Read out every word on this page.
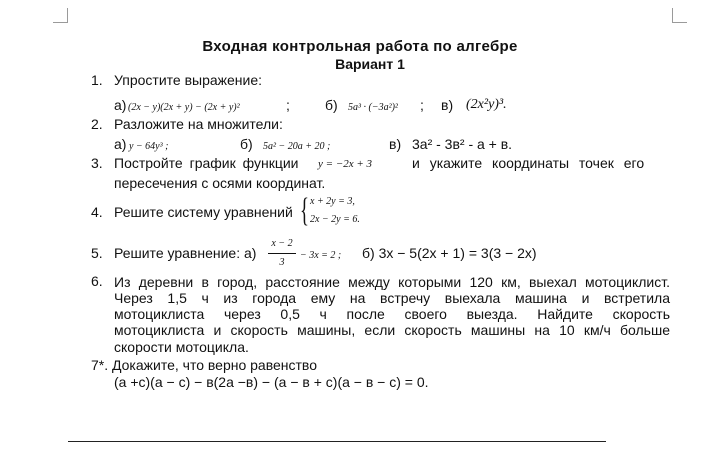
Входная контрольная работа по алгебре
Вариант 1
1. Упростите выражение:
а) (2x − y)(2x + y) − (2x + y)²	;	б) 5a³ · (−3a²)² ; в) (2x²y)³.
2. Разложите на множители:
а) y − 64y³ ;	б) 5a² − 20a + 20 ;	в) 3а² - 3в² - а + в.
3. Постройте график функции y = −2x + 3	и укажите координаты точек его
пересечения с осями координат.
4. Решите систему уравнений { x + 2y = 3,
2x − 2y = 6.
5. Решите уравнение: а)	− 3x = 2 ; б) 3х − 5(2х + 1) = 3(3 − 2х)
x − 2
3
6. Из деревни в город, расстояние между которыми 120 км, выехал мотоциклист.
Через 1,5 ч из города ему на встречу выехала машина и встретила
мотоциклиста через 0,5 ч после своего выезда. Найдите скорость
мотоциклиста и скорость машины, если скорость машины на 10 км/ч больше
скорости мотоцикла.
7*. Докажите, что верно равенство
(а +с)(а − с) − в(2а −в) − (а − в + с)(а − в − с) = 0.
